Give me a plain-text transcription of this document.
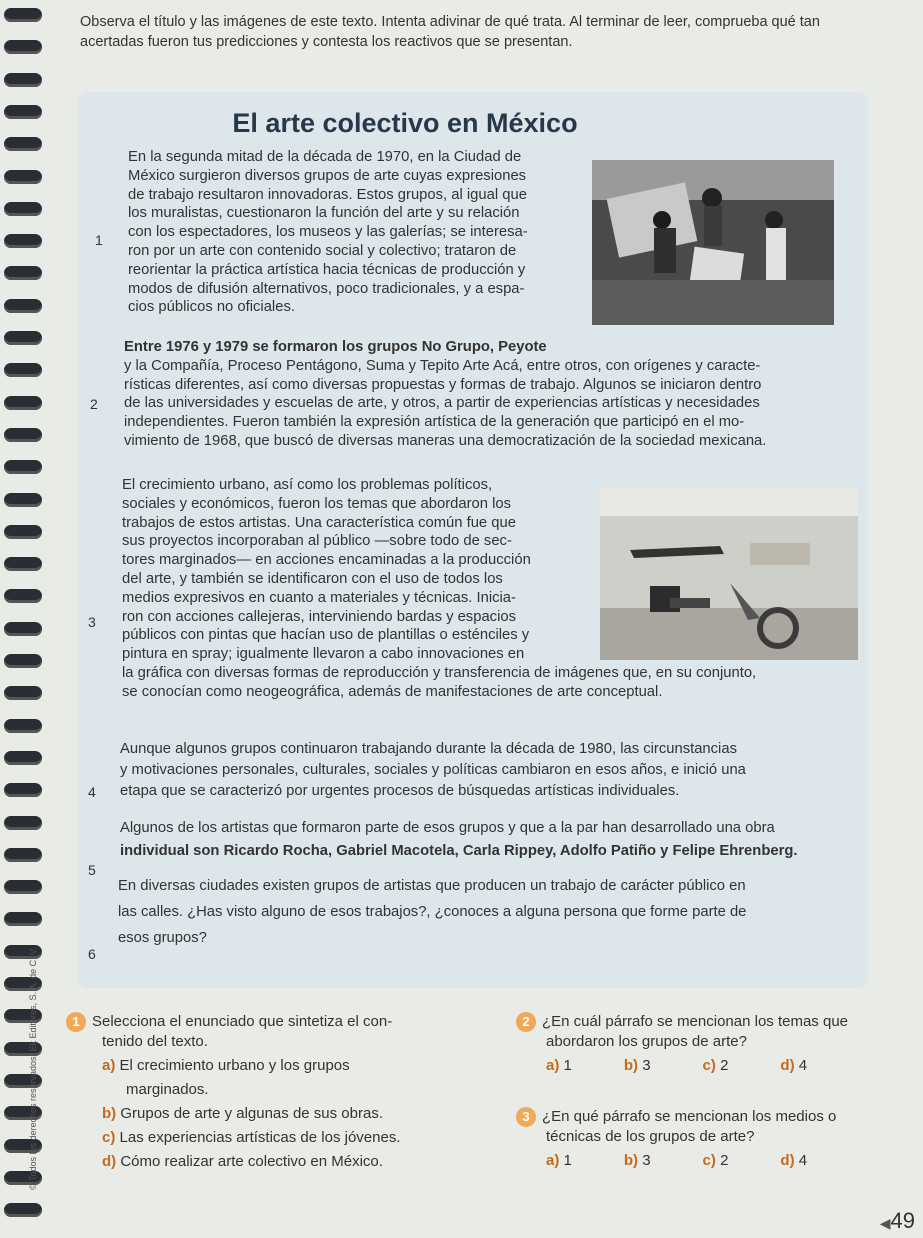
Observa el título y las imágenes de este texto. Intenta adivinar de qué trata. Al terminar de leer, comprueba qué tan acertadas fueron tus predicciones y contesta los reactivos que se presentan.
El arte colectivo en México
1
En la segunda mitad de la década de 1970, en la Ciudad de
México surgieron diversos grupos de arte cuyas expresiones
de trabajo resultaron innovadoras. Estos grupos, al igual que
los muralistas, cuestionaron la función del arte y su relación
con los espectadores, los museos y las galerías; se interesa-
ron por un arte con contenido social y colectivo; trataron de
reorientar la práctica artística hacia técnicas de producción y
modos de difusión alternativos, poco tradicionales, y a espa-
cios públicos no oficiales.
2
Entre 1976 y 1979 se formaron los grupos No Grupo, Peyote
y la Compañía, Proceso Pentágono, Suma y Tepito Arte Acá, entre otros, con orígenes y caracte-
rísticas diferentes, así como diversas propuestas y formas de trabajo. Algunos se iniciaron dentro
de las universidades y escuelas de arte, y otros, a partir de experiencias artísticas y necesidades
independientes. Fueron también la expresión artística de la generación que participó en el mo-
vimiento de 1968, que buscó de diversas maneras una democratización de la sociedad mexicana.
3
El crecimiento urbano, así como los problemas políticos,
sociales y económicos, fueron los temas que abordaron los
trabajos de estos artistas. Una característica común fue que
sus proyectos incorporaban al público —sobre todo de sec-
tores marginados— en acciones encaminadas a la producción
del arte, y también se identificaron con el uso de todos los
medios expresivos en cuanto a materiales y técnicas. Inicia-
ron con acciones callejeras, interviniendo bardas y espacios
públicos con pintas que hacían uso de plantillas o esténciles y
pintura en spray; igualmente llevaron a cabo innovaciones en
la gráfica con diversas formas de reproducción y transferencia de imágenes que, en su conjunto,
se conocían como neogeográfica, además de manifestaciones de arte conceptual.
4
Aunque algunos grupos continuaron trabajando durante la década de 1980, las circunstancias
y motivaciones personales, culturales, sociales y políticas cambiaron en esos años, e inició una
etapa que se caracterizó por urgentes procesos de búsquedas artísticas individuales.
5
Algunos de los artistas que formaron parte de esos grupos y que a la par han desarrollado una obra
individual son Ricardo Rocha, Gabriel Macotela, Carla Rippey, Adolfo Patiño y Felipe Ehrenberg.
6
En diversas ciudades existen grupos de artistas que producen un trabajo de carácter público en
las calles. ¿Has visto alguno de esos trabajos?, ¿conoces a alguna persona que forme parte de
esos grupos?
© Todos los derechos reservados, Ek Editores, S. A. de C. V.	1 Selecciona el enunciado que sintetiza el con-
tenido del texto.
a) El crecimiento urbano y los grupos
marginados.
b) Grupos de arte y algunas de sus obras.
c) Las experiencias artísticas de los jóvenes.
d) Cómo realizar arte colectivo en México.
2 ¿En cuál párrafo se mencionan los temas que
abordaron los grupos de arte?
a) 1	b) 3	c) 2	d) 4
3 ¿En qué párrafo se mencionan los medios o
técnicas de los grupos de arte?
a) 1	b) 3	c) 2	d) 4
◀49
